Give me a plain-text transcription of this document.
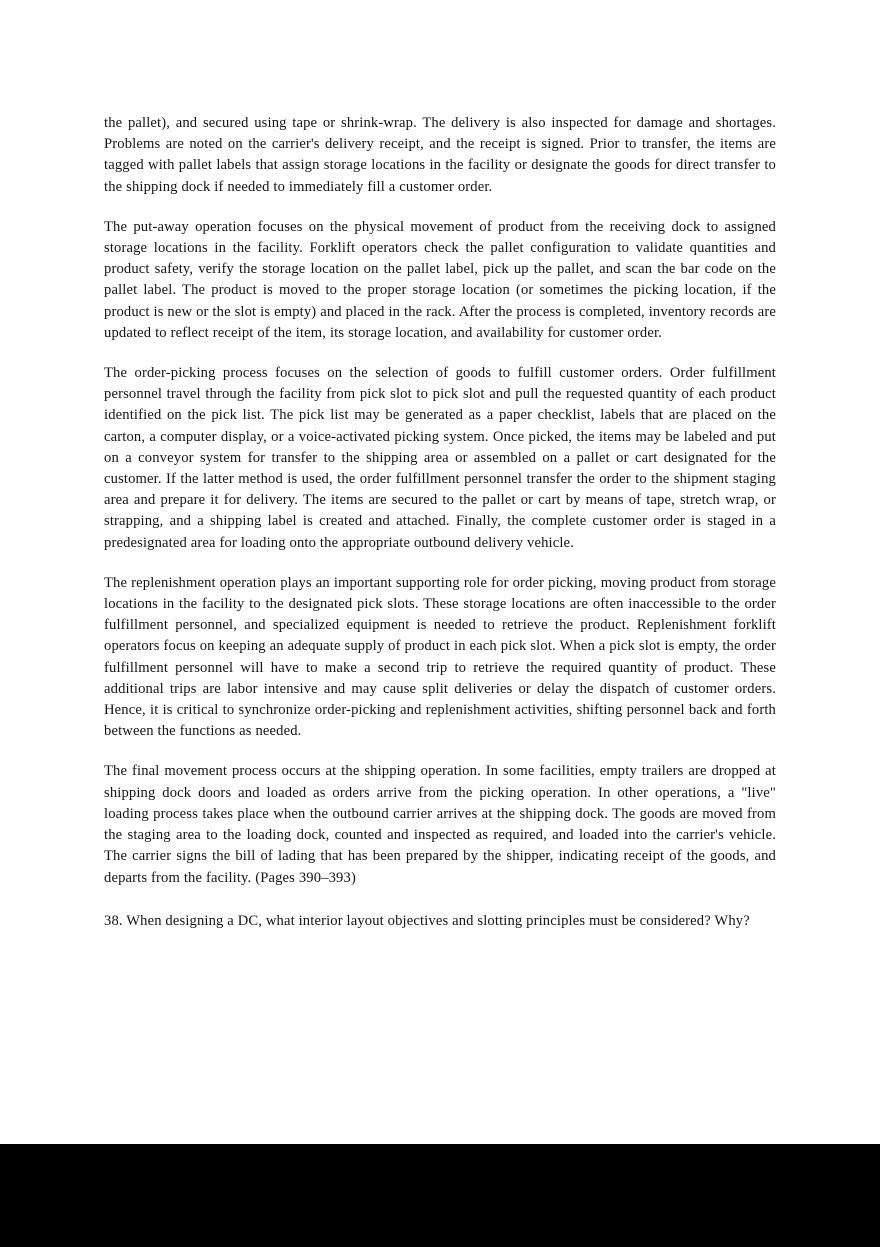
the pallet), and secured using tape or shrink-wrap. The delivery is also inspected for damage and shortages. Problems are noted on the carrier's delivery receipt, and the receipt is signed. Prior to transfer, the items are tagged with pallet labels that assign storage locations in the facility or designate the goods for direct transfer to the shipping dock if needed to immediately fill a customer order.

The put-away operation focuses on the physical movement of product from the receiving dock to assigned storage locations in the facility. Forklift operators check the pallet configuration to validate quantities and product safety, verify the storage location on the pallet label, pick up the pallet, and scan the bar code on the pallet label. The product is moved to the proper storage location (or sometimes the picking location, if the product is new or the slot is empty) and placed in the rack. After the process is completed, inventory records are updated to reflect receipt of the item, its storage location, and availability for customer order.

The order-picking process focuses on the selection of goods to fulfill customer orders. Order fulfillment personnel travel through the facility from pick slot to pick slot and pull the requested quantity of each product identified on the pick list. The pick list may be generated as a paper checklist, labels that are placed on the carton, a computer display, or a voice-activated picking system. Once picked, the items may be labeled and put on a conveyor system for transfer to the shipping area or assembled on a pallet or cart designated for the customer. If the latter method is used, the order fulfillment personnel transfer the order to the shipment staging area and prepare it for delivery. The items are secured to the pallet or cart by means of tape, stretch wrap, or strapping, and a shipping label is created and attached. Finally, the complete customer order is staged in a predesignated area for loading onto the appropriate outbound delivery vehicle.

The replenishment operation plays an important supporting role for order picking, moving product from storage locations in the facility to the designated pick slots. These storage locations are often inaccessible to the order fulfillment personnel, and specialized equipment is needed to retrieve the product. Replenishment forklift operators focus on keeping an adequate supply of product in each pick slot. When a pick slot is empty, the order fulfillment personnel will have to make a second trip to retrieve the required quantity of product. These additional trips are labor intensive and may cause split deliveries or delay the dispatch of customer orders. Hence, it is critical to synchronize order-picking and replenishment activities, shifting personnel back and forth between the functions as needed.

The final movement process occurs at the shipping operation. In some facilities, empty trailers are dropped at shipping dock doors and loaded as orders arrive from the picking operation. In other operations, a "live" loading process takes place when the outbound carrier arrives at the shipping dock. The goods are moved from the staging area to the loading dock, counted and inspected as required, and loaded into the carrier's vehicle. The carrier signs the bill of lading that has been prepared by the shipper, indicating receipt of the goods, and departs from the facility. (Pages 390–393)

38. When designing a DC, what interior layout objectives and slotting principles must be considered? Why?
